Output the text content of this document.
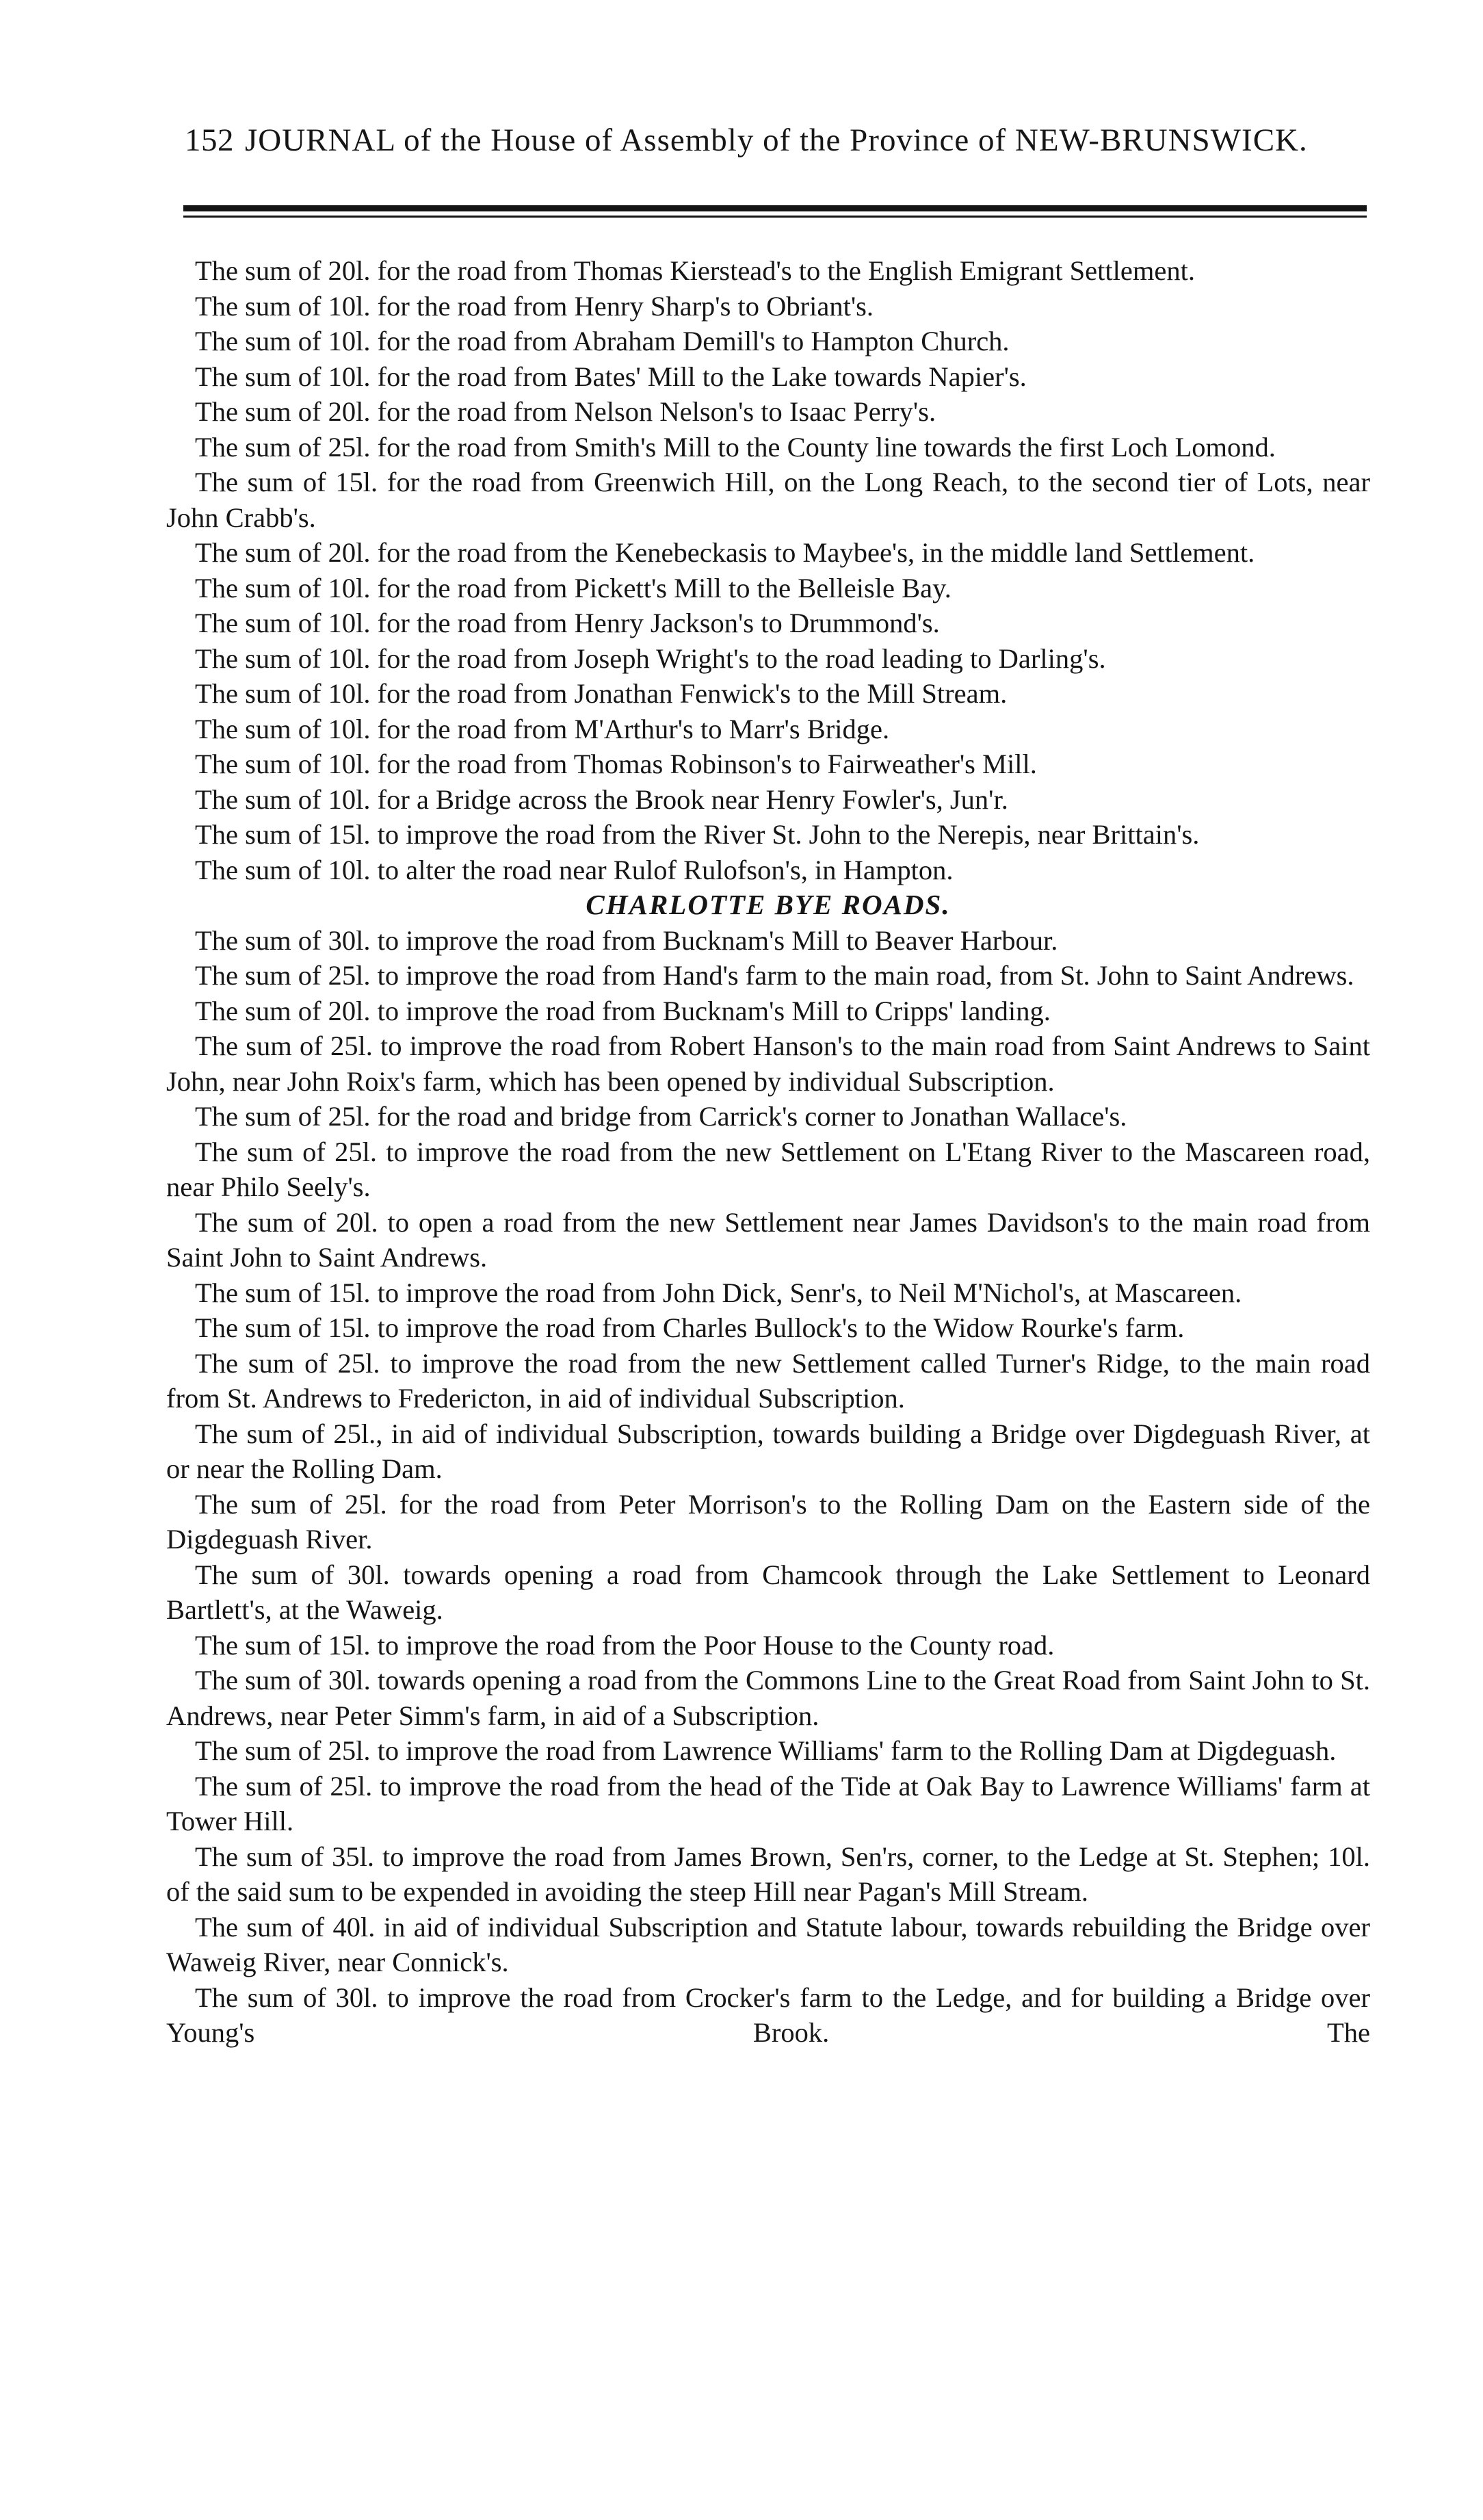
152 JOURNAL of the House of Assembly of the Province of NEW-BRUNSWICK.

The sum of 20l. for the road from Thomas Kierstead's to the English Emigrant Settlement.

The sum of 10l. for the road from Henry Sharp's to Obriant's.

The sum of 10l. for the road from Abraham Demill's to Hampton Church.

The sum of 10l. for the road from Bates' Mill to the Lake towards Napier's.

The sum of 20l. for the road from Nelson Nelson's to Isaac Perry's.

The sum of 25l. for the road from Smith's Mill to the County line towards the first Loch Lomond.

The sum of 15l. for the road from Greenwich Hill, on the Long Reach, to the second tier of Lots, near John Crabb's.

The sum of 20l. for the road from the Kenebeckasis to Maybee's, in the middle land Settlement.

The sum of 10l. for the road from Pickett's Mill to the Belleisle Bay.

The sum of 10l. for the road from Henry Jackson's to Drummond's.

The sum of 10l. for the road from Joseph Wright's to the road leading to Darling's.

The sum of 10l. for the road from Jonathan Fenwick's to the Mill Stream.

The sum of 10l. for the road from M'Arthur's to Marr's Bridge.

The sum of 10l. for the road from Thomas Robinson's to Fairweather's Mill.

The sum of 10l. for a Bridge across the Brook near Henry Fowler's, Jun'r.

The sum of 15l. to improve the road from the River St. John to the Nerepis, near Brittain's.

The sum of 10l. to alter the road near Rulof Rulofson's, in Hampton.

CHARLOTTE BYE ROADS.

The sum of 30l. to improve the road from Bucknam's Mill to Beaver Harbour.

The sum of 25l. to improve the road from Hand's farm to the main road, from St. John to Saint Andrews.

The sum of 20l. to improve the road from Bucknam's Mill to Cripps' landing.

The sum of 25l. to improve the road from Robert Hanson's to the main road from Saint Andrews to Saint John, near John Roix's farm, which has been opened by individual Subscription.

The sum of 25l. for the road and bridge from Carrick's corner to Jonathan Wallace's.

The sum of 25l. to improve the road from the new Settlement on L'Etang River to the Mascareen road, near Philo Seely's.

The sum of 20l. to open a road from the new Settlement near James Davidson's to the main road from Saint John to Saint Andrews.

The sum of 15l. to improve the road from John Dick, Senr's, to Neil M'Nichol's, at Mascareen.

The sum of 15l. to improve the road from Charles Bullock's to the Widow Rourke's farm.

The sum of 25l. to improve the road from the new Settlement called Turner's Ridge, to the main road from St. Andrews to Fredericton, in aid of individual Subscription.

The sum of 25l., in aid of individual Subscription, towards building a Bridge over Digdeguash River, at or near the Rolling Dam.

The sum of 25l. for the road from Peter Morrison's to the Rolling Dam on the Eastern side of the Digdeguash River.

The sum of 30l. towards opening a road from Chamcook through the Lake Settlement to Leonard Bartlett's, at the Waweig.

The sum of 15l. to improve the road from the Poor House to the County road.

The sum of 30l. towards opening a road from the Commons Line to the Great Road from Saint John to St. Andrews, near Peter Simm's farm, in aid of a Subscription.

The sum of 25l. to improve the road from Lawrence Williams' farm to the Rolling Dam at Digdeguash.

The sum of 25l. to improve the road from the head of the Tide at Oak Bay to Lawrence Williams' farm at Tower Hill.

The sum of 35l. to improve the road from James Brown, Sen'rs, corner, to the Ledge at St. Stephen; 10l. of the said sum to be expended in avoiding the steep Hill near Pagan's Mill Stream.

The sum of 40l. in aid of individual Subscription and Statute labour, towards rebuilding the Bridge over Waweig River, near Connick's.

The sum of 30l. to improve the road from Crocker's farm to the Ledge, and for building a Bridge over Young's Brook. The
